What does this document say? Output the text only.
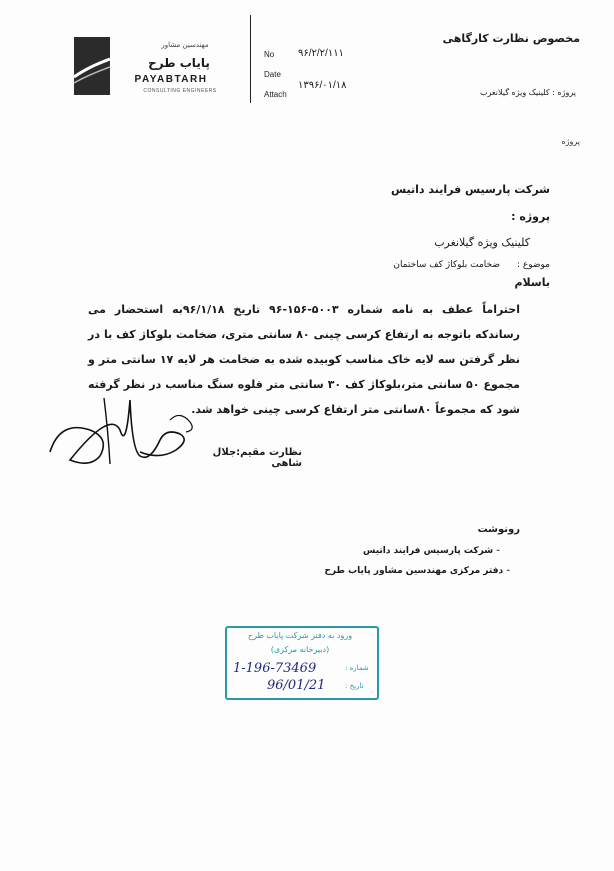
مهندسین مشاور
پایاب طرح
PAYABTARH
CONSULTING ENGINEERS
No ۹۶/۲/۲/۱۱۱
Date
۱۳۹۶/۰۱/۱۸
Attach
مخصوص نظارت کارگاهی
پروژه : کلینیک ویژه گیلانغرب
پروژه
شرکت پارسیس فرایند داتیس
پروژه :
کلینیک ویژه گیلانغرب
موضوع :
ضخامت بلوکاژ کف ساختمان
باسلام
احتراماً عطف به نامه شماره ۵۰۰۳-۱۵۶-۹۶ تاریخ ۹۶/۱/۱۸به استحضار می رساندکه باتوجه به ارتفاع کرسی چینی ۸۰ سانتی متری، ضخامت بلوکاژ کف با در نظر گرفتن سه لایه خاک مناسب کوبیده شده به ضخامت هر لایه ۱۷ سانتی متر و مجموع ۵۰ سانتی متر،بلوکاژ کف ۳۰ سانتی متر قلوه سنگ مناسب در نظر گرفته شود که مجموعاً ۸۰سانتی متر ارتفاع کرسی چینی خواهد شد.
نظارت مقیم:جلال شاهی
رونوشت
- شرکت پارسیس فرایند داتیس
- دفتر مرکزی مهندسین مشاور پایاب طرح
ورود به دفتر شرکت پایاب طرح
(دبیرخانه مرکزی)
شماره :
1-196-73469
تاریخ :
96/01/21
